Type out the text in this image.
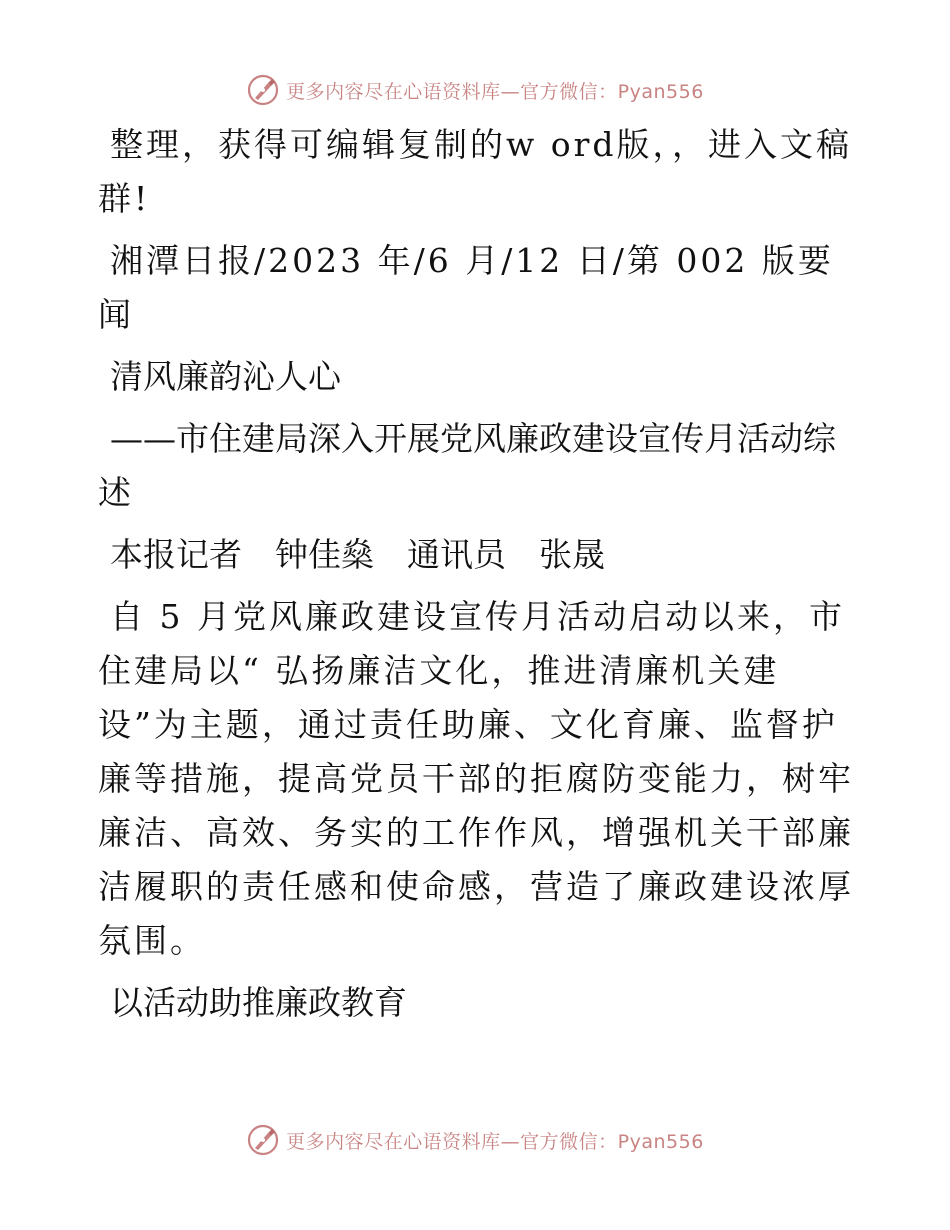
更多内容尽在心语资料库—官方微信：Pyan556

整理，获得可编辑复制的w ord版，，进入文稿群!

湘潭日报/2023 年/6 月/12 日/第 002 版要闻

清风廉韵沁人心

——市住建局深入开展党风廉政建设宣传月活动综述

本报记者　钟佳燊　通讯员　张晟

自 5 月党风廉政建设宣传月活动启动以来，市住建局以“ 弘扬廉洁文化，推进清廉机关建设”为主题，通过责任助廉、文化育廉、监督护廉等措施，提高党员干部的拒腐防变能力，树牢廉洁、高效、务实的工作作风，增强机关干部廉洁履职的责任感和使命感，营造了廉政建设浓厚氛围。

以活动助推廉政教育

更多内容尽在心语资料库—官方微信：Pyan556
